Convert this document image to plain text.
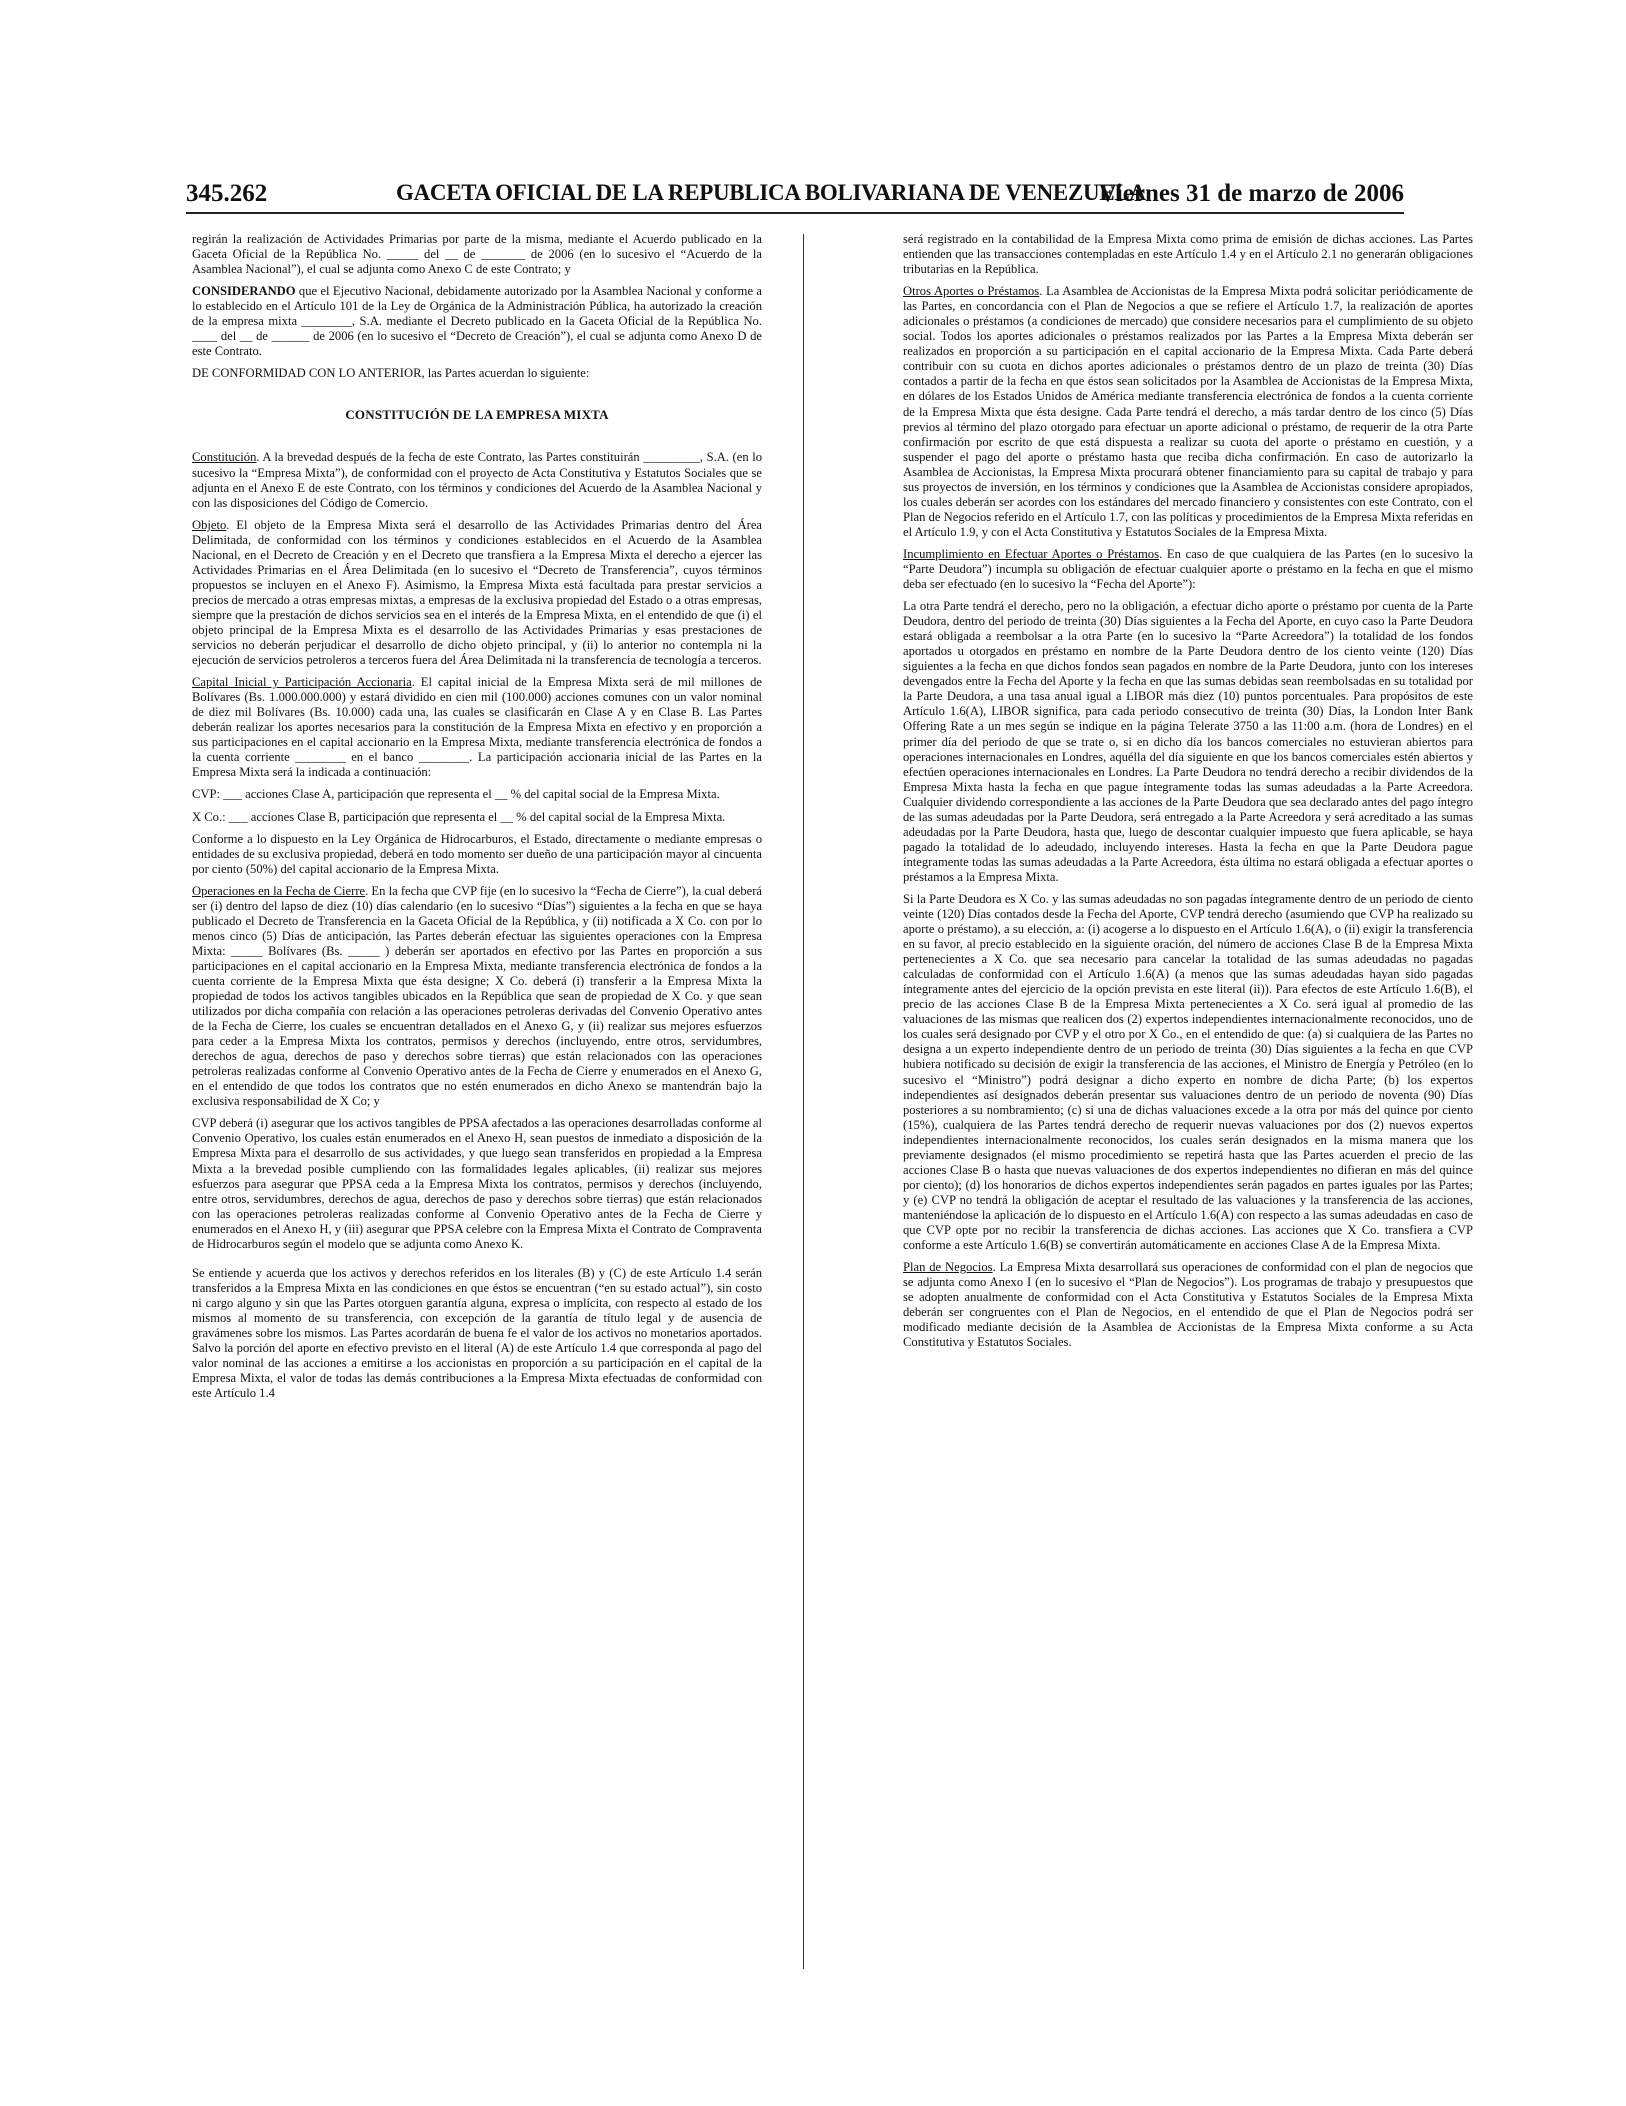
345.262	GACETA OFICIAL DE LA REPUBLICA BOLIVARIANA DE VENEZUELA
Viernes 31 de marzo de 2006

regirán la realización de Actividades Primarias por parte de la misma, mediante el Acuerdo publicado en la Gaceta Oficial de la República No. _____ del __ de _______ de 2006 (en lo sucesivo el “Acuerdo de la Asamblea Nacional”), el cual se adjunta como Anexo C de este Contrato; y

CONSIDERANDO que el Ejecutivo Nacional, debidamente autorizado por la Asamblea Nacional y conforme a lo establecido en el Artículo 101 de la Ley de Orgánica de la Administración Pública, ha autorizado la creación de la empresa mixta ________, S.A. mediante el Decreto publicado en la Gaceta Oficial de la República No. ____ del __ de ______ de 2006 (en lo sucesivo el “Decreto de Creación”), el cual se adjunta como Anexo D de este Contrato.

DE CONFORMIDAD CON LO ANTERIOR, las Partes acuerdan lo siguiente:

CONSTITUCIÓN DE LA EMPRESA MIXTA

Constitución. A la brevedad después de la fecha de este Contrato, las Partes constituirán _________, S.A. (en lo sucesivo la “Empresa Mixta”), de conformidad con el proyecto de Acta Constitutiva y Estatutos Sociales que se adjunta en el Anexo E de este Contrato, con los términos y condiciones del Acuerdo de la Asamblea Nacional y con las disposiciones del Código de Comercio.

Objeto. El objeto de la Empresa Mixta será el desarrollo de las Actividades Primarias dentro del Área Delimitada, de conformidad con los términos y condiciones establecidos en el Acuerdo de la Asamblea Nacional, en el Decreto de Creación y en el Decreto que transfiera a la Empresa Mixta el derecho a ejercer las Actividades Primarias en el Área Delimitada (en lo sucesivo el “Decreto de Transferencia”, cuyos términos propuestos se incluyen en el Anexo F). Asimismo, la Empresa Mixta está facultada para prestar servicios a precios de mercado a otras empresas mixtas, a empresas de la exclusiva propiedad del Estado o a otras empresas, siempre que la prestación de dichos servicios sea en el interés de la Empresa Mixta, en el entendido de que (i) el objeto principal de la Empresa Mixta es el desarrollo de las Actividades Primarias y esas prestaciones de servicios no deberán perjudicar el desarrollo de dicho objeto principal, y (ii) lo anterior no contempla ni la ejecución de servicios petroleros a terceros fuera del Área Delimitada ni la transferencia de tecnología a terceros.

Capital Inicial y Participación Accionaria. El capital inicial de la Empresa Mixta será de mil millones de Bolívares (Bs. 1.000.000.000) y estará dividido en cien mil (100.000) acciones comunes con un valor nominal de diez mil Bolívares (Bs. 10.000) cada una, las cuales se clasificarán en Clase A y en Clase B. Las Partes deberán realizar los aportes necesarios para la constitución de la Empresa Mixta en efectivo y en proporción a sus participaciones en el capital accionario en la Empresa Mixta, mediante transferencia electrónica de fondos a la cuenta corriente ________ en el banco ________. La participación accionaria inicial de las Partes en la Empresa Mixta será la indicada a continuación:

CVP: ___ acciones Clase A, participación que representa el __ % del capital social de la Empresa Mixta.

X Co.: ___ acciones Clase B, participación que representa el __ % del capital social de la Empresa Mixta.

Conforme a lo dispuesto en la Ley Orgánica de Hidrocarburos, el Estado, directamente o mediante empresas o entidades de su exclusiva propiedad, deberá en todo momento ser dueño de una participación mayor al cincuenta por ciento (50%) del capital accionario de la Empresa Mixta.

Operaciones en la Fecha de Cierre. En la fecha que CVP fije (en lo sucesivo la “Fecha de Cierre”), la cual deberá ser (i) dentro del lapso de diez (10) días calendario (en lo sucesivo “Días”) siguientes a la fecha en que se haya publicado el Decreto de Transferencia en la Gaceta Oficial de la República, y (ii) notificada a X Co. con por lo menos cinco (5) Días de anticipación, las Partes deberán efectuar las siguientes operaciones con la Empresa Mixta: _____ Bolívares (Bs. _____ ) deberán ser aportados en efectivo por las Partes en proporción a sus participaciones en el capital accionario en la Empresa Mixta, mediante transferencia electrónica de fondos a la cuenta corriente de la Empresa Mixta que ésta designe; X Co. deberá (i) transferir a la Empresa Mixta la propiedad de todos los activos tangibles ubicados en la República que sean de propiedad de X Co. y que sean utilizados por dicha compañía con relación a las operaciones petroleras derivadas del Convenio Operativo antes de la Fecha de Cierre, los cuales se encuentran detallados en el Anexo G, y (ii) realizar sus mejores esfuerzos para ceder a la Empresa Mixta los contratos, permisos y derechos (incluyendo, entre otros, servidumbres, derechos de agua, derechos de paso y derechos sobre tierras) que están relacionados con las operaciones petroleras realizadas conforme al Convenio Operativo antes de la Fecha de Cierre y enumerados en el Anexo G, en el entendido de que todos los contratos que no estén enumerados en dicho Anexo se mantendrán bajo la exclusiva responsabilidad de X Co; y

CVP deberá (i) asegurar que los activos tangibles de PPSA afectados a las operaciones desarrolladas conforme al Convenio Operativo, los cuales están enumerados en el Anexo H, sean puestos de inmediato a disposición de la Empresa Mixta para el desarrollo de sus actividades, y que luego sean transferidos en propiedad a la Empresa Mixta a la brevedad posible cumpliendo con las formalidades legales aplicables, (ii) realizar sus mejores esfuerzos para asegurar que PPSA ceda a la Empresa Mixta los contratos, permisos y derechos (incluyendo, entre otros, servidumbres, derechos de agua, derechos de paso y derechos sobre tierras) que están relacionados con las operaciones petroleras realizadas conforme al Convenio Operativo antes de la Fecha de Cierre y enumerados en el Anexo H, y (iii) asegurar que PPSA celebre con la Empresa Mixta el Contrato de Compraventa de Hidrocarburos según el modelo que se adjunta como Anexo K.

Se entiende y acuerda que los activos y derechos referidos en los literales (B) y (C) de este Artículo 1.4 serán transferidos a la Empresa Mixta en las condiciones en que éstos se encuentran (“en su estado actual”), sin costo ni cargo alguno y sin que las Partes otorguen garantía alguna, expresa o implícita, con respecto al estado de los mismos al momento de su transferencia, con excepción de la garantía de título legal y de ausencia de gravámenes sobre los mismos. Las Partes acordarán de buena fe el valor de los activos no monetarios aportados. Salvo la porción del aporte en efectivo previsto en el literal (A) de este Artículo 1.4 que corresponda al pago del valor nominal de las acciones a emitirse a los accionistas en proporción a su participación en el capital de la Empresa Mixta, el valor de todas las demás contribuciones a la Empresa Mixta efectuadas de conformidad con este Artículo 1.4

será registrado en la contabilidad de la Empresa Mixta como prima de emisión de dichas acciones. Las Partes entienden que las transacciones contempladas en este Artículo 1.4 y en el Artículo 2.1 no generarán obligaciones tributarias en la República.

Otros Aportes o Préstamos. La Asamblea de Accionistas de la Empresa Mixta podrá solicitar periódicamente de las Partes, en concordancia con el Plan de Negocios a que se refiere el Artículo 1.7, la realización de aportes adicionales o préstamos (a condiciones de mercado) que considere necesarios para el cumplimiento de su objeto social. Todos los aportes adicionales o préstamos realizados por las Partes a la Empresa Mixta deberán ser realizados en proporción a su participación en el capital accionario de la Empresa Mixta. Cada Parte deberá contribuir con su cuota en dichos aportes adicionales o préstamos dentro de un plazo de treinta (30) Días contados a partir de la fecha en que éstos sean solicitados por la Asamblea de Accionistas de la Empresa Mixta, en dólares de los Estados Unidos de América mediante transferencia electrónica de fondos a la cuenta corriente de la Empresa Mixta que ésta designe. Cada Parte tendrá el derecho, a más tardar dentro de los cinco (5) Días previos al término del plazo otorgado para efectuar un aporte adicional o préstamo, de requerir de la otra Parte confirmación por escrito de que está dispuesta a realizar su cuota del aporte o préstamo en cuestión, y a suspender el pago del aporte o préstamo hasta que reciba dicha confirmación. En caso de autorizarlo la Asamblea de Accionistas, la Empresa Mixta procurará obtener financiamiento para su capital de trabajo y para sus proyectos de inversión, en los términos y condiciones que la Asamblea de Accionistas considere apropiados, los cuales deberán ser acordes con los estándares del mercado financiero y consistentes con este Contrato, con el Plan de Negocios referido en el Artículo 1.7, con las políticas y procedimientos de la Empresa Mixta referidas en el Artículo 1.9, y con el Acta Constitutiva y Estatutos Sociales de la Empresa Mixta.

Incumplimiento en Efectuar Aportes o Préstamos. En caso de que cualquiera de las Partes (en lo sucesivo la “Parte Deudora”) incumpla su obligación de efectuar cualquier aporte o préstamo en la fecha en que el mismo deba ser efectuado (en lo sucesivo la “Fecha del Aporte”):

La otra Parte tendrá el derecho, pero no la obligación, a efectuar dicho aporte o préstamo por cuenta de la Parte Deudora, dentro del periodo de treinta (30) Días siguientes a la Fecha del Aporte, en cuyo caso la Parte Deudora estará obligada a reembolsar a la otra Parte (en lo sucesivo la “Parte Acreedora”) la totalidad de los fondos aportados u otorgados en préstamo en nombre de la Parte Deudora dentro de los ciento veinte (120) Días siguientes a la fecha en que dichos fondos sean pagados en nombre de la Parte Deudora, junto con los intereses devengados entre la Fecha del Aporte y la fecha en que las sumas debidas sean reembolsadas en su totalidad por la Parte Deudora, a una tasa anual igual a LIBOR más diez (10) puntos porcentuales. Para propósitos de este Artículo 1.6(A), LIBOR significa, para cada periodo consecutivo de treinta (30) Días, la London Inter Bank Offering Rate a un mes según se indique en la página Telerate 3750 a las 11:00 a.m. (hora de Londres) en el primer día del periodo de que se trate o, si en dicho día los bancos comerciales no estuvieran abiertos para operaciones internacionales en Londres, aquélla del día siguiente en que los bancos comerciales estén abiertos y efectúen operaciones internacionales en Londres. La Parte Deudora no tendrá derecho a recibir dividendos de la Empresa Mixta hasta la fecha en que pague íntegramente todas las sumas adeudadas a la Parte Acreedora. Cualquier dividendo correspondiente a las acciones de la Parte Deudora que sea declarado antes del pago íntegro de las sumas adeudadas por la Parte Deudora, será entregado a la Parte Acreedora y será acreditado a las sumas adeudadas por la Parte Deudora, hasta que, luego de descontar cualquier impuesto que fuera aplicable, se haya pagado la totalidad de lo adeudado, incluyendo intereses. Hasta la fecha en que la Parte Deudora pague íntegramente todas las sumas adeudadas a la Parte Acreedora, ésta última no estará obligada a efectuar aportes o préstamos a la Empresa Mixta.

Si la Parte Deudora es X Co. y las sumas adeudadas no son pagadas íntegramente dentro de un periodo de ciento veinte (120) Días contados desde la Fecha del Aporte, CVP tendrá derecho (asumiendo que CVP ha realizado su aporte o préstamo), a su elección, a: (i) acogerse a lo dispuesto en el Artículo 1.6(A), o (ii) exigir la transferencia en su favor, al precio establecido en la siguiente oración, del número de acciones Clase B de la Empresa Mixta pertenecientes a X Co. que sea necesario para cancelar la totalidad de las sumas adeudadas no pagadas calculadas de conformidad con el Artículo 1.6(A) (a menos que las sumas adeudadas hayan sido pagadas íntegramente antes del ejercicio de la opción prevista en este literal (ii)). Para efectos de este Artículo 1.6(B), el precio de las acciones Clase B de la Empresa Mixta pertenecientes a X Co. será igual al promedio de las valuaciones de las mismas que realicen dos (2) expertos independientes internacionalmente reconocidos, uno de los cuales será designado por CVP y el otro por X Co., en el entendido de que: (a) si cualquiera de las Partes no designa a un experto independiente dentro de un periodo de treinta (30) Días siguientes a la fecha en que CVP hubiera notificado su decisión de exigir la transferencia de las acciones, el Ministro de Energía y Petróleo (en lo sucesivo el “Ministro”) podrá designar a dicho experto en nombre de dicha Parte; (b) los expertos independientes así designados deberán presentar sus valuaciones dentro de un periodo de noventa (90) Días posteriores a su nombramiento; (c) si una de dichas valuaciones excede a la otra por más del quince por ciento (15%), cualquiera de las Partes tendrá derecho de requerir nuevas valuaciones por dos (2) nuevos expertos independientes internacionalmente reconocidos, los cuales serán designados en la misma manera que los previamente designados (el mismo procedimiento se repetirá hasta que las Partes acuerden el precio de las acciones Clase B o hasta que nuevas valuaciones de dos expertos independientes no difieran en más del quince por ciento); (d) los honorarios de dichos expertos independientes serán pagados en partes iguales por las Partes; y (e) CVP no tendrá la obligación de aceptar el resultado de las valuaciones y la transferencia de las acciones, manteniéndose la aplicación de lo dispuesto en el Artículo 1.6(A) con respecto a las sumas adeudadas en caso de que CVP opte por no recibir la transferencia de dichas acciones. Las acciones que X Co. transfiera a CVP conforme a este Artículo 1.6(B) se convertirán automáticamente en acciones Clase A de la Empresa Mixta.

Plan de Negocios. La Empresa Mixta desarrollará sus operaciones de conformidad con el plan de negocios que se adjunta como Anexo I (en lo sucesivo el “Plan de Negocios”). Los programas de trabajo y presupuestos que se adopten anualmente de conformidad con el Acta Constitutiva y Estatutos Sociales de la Empresa Mixta deberán ser congruentes con el Plan de Negocios, en el entendido de que el Plan de Negocios podrá ser modificado mediante decisión de la Asamblea de Accionistas de la Empresa Mixta conforme a su Acta Constitutiva y Estatutos Sociales.
